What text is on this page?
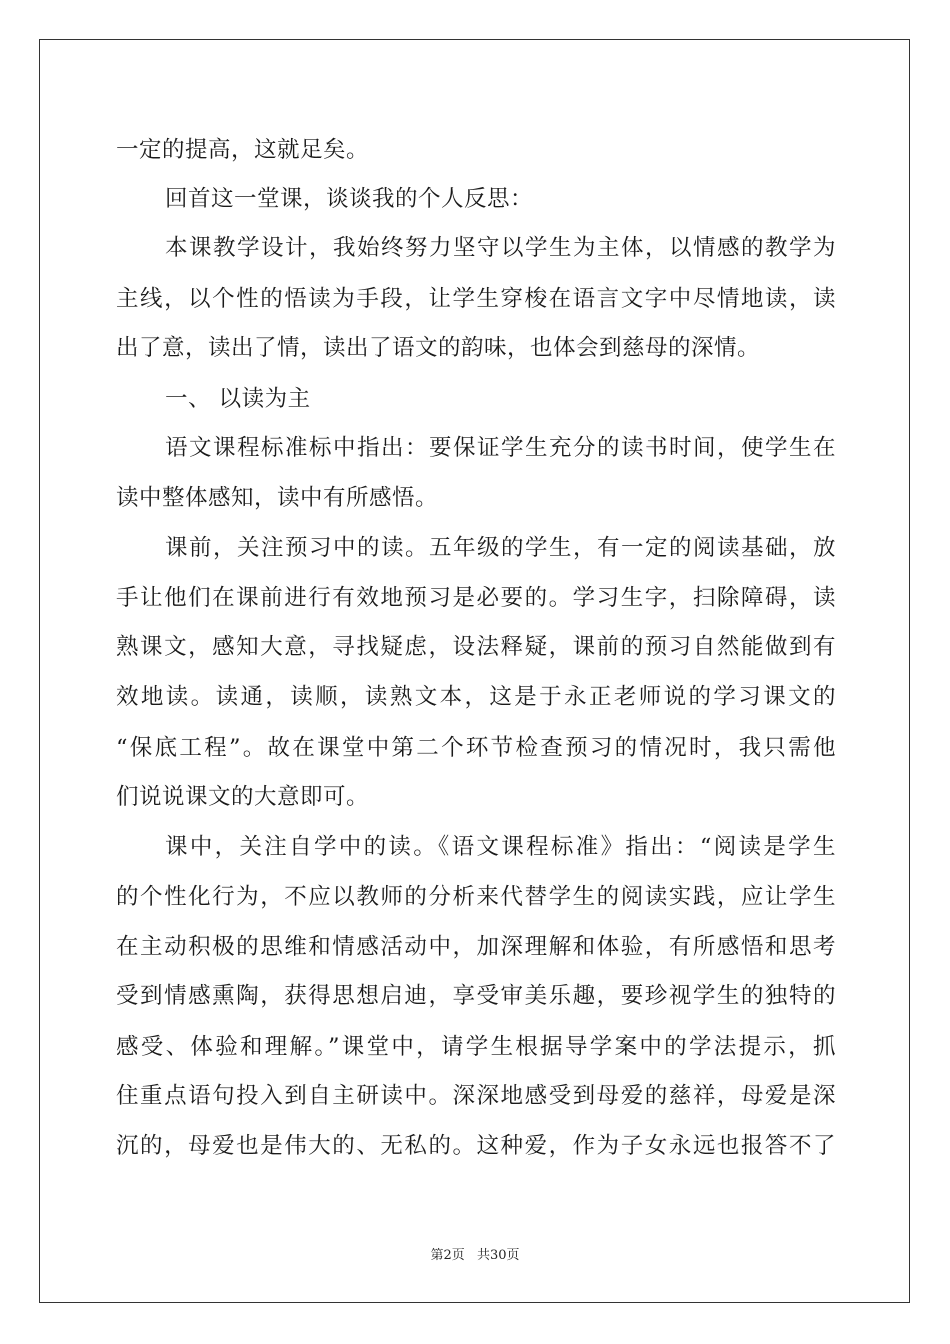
一定的提高，这就足矣。
回首这一堂课，谈谈我的个人反思：
本课教学设计，我始终努力坚守以学生为主体，以情感的教学为
主线，以个性的悟读为手段，让学生穿梭在语言文字中尽情地读，读
出了意，读出了情，读出了语文的韵味，也体会到慈母的深情。
一、 以读为主
语文课程标准标中指出：要保证学生充分的读书时间，使学生在
读中整体感知，读中有所感悟。
课前，关注预习中的读。五年级的学生，有一定的阅读基础，放
手让他们在课前进行有效地预习是必要的。学习生字，扫除障碍，读
熟课文，感知大意，寻找疑虑，设法释疑，课前的预习自然能做到有
效地读。读通，读顺，读熟文本，这是于永正老师说的学习课文的
“保底工程”。故在课堂中第二个环节检查预习的情况时，我只需他
们说说课文的大意即可。
课中，关注自学中的读。《语文课程标准》指出：“阅读是学生
的个性化行为，不应以教师的分析来代替学生的阅读实践，应让学生
在主动积极的思维和情感活动中，加深理解和体验，有所感悟和思考
受到情感熏陶，获得思想启迪，享受审美乐趣，要珍视学生的独特的
感受、体验和理解。”课堂中，请学生根据导学案中的学法提示，抓
住重点语句投入到自主研读中。深深地感受到母爱的慈祥，母爱是深
沉的，母爱也是伟大的、无私的。这种爱，作为子女永远也报答不了
第2页 共30页
